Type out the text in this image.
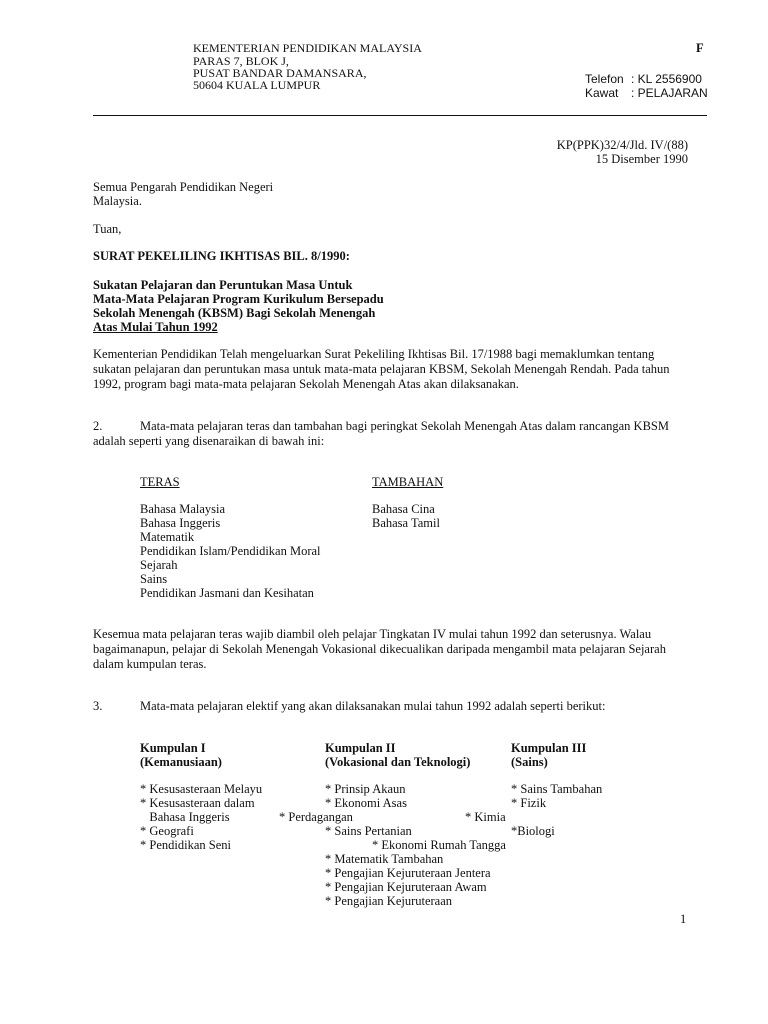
KEMENTERIAN PENDIDIKAN MALAYSIA
PARAS 7, BLOK J,
PUSAT BANDAR DAMANSARA,
50604 KUALA LUMPUR
F
Telefon : KL 2556900
Kawat : PELAJARAN
KP(PPK)32/4/Jld. IV/(88)
15 Disember 1990
Semua Pengarah Pendidikan Negeri
Malaysia.
Tuan,
SURAT PEKELILING IKHTISAS BIL. 8/1990:
Sukatan Pelajaran dan Peruntukan Masa Untuk
Mata-Mata Pelajaran Program Kurikulum Bersepadu
Sekolah Menengah (KBSM) Bagi Sekolah Menengah
Atas Mulai Tahun 1992
Kementerian Pendidikan Telah mengeluarkan Surat Pekeliling Ikhtisas Bil. 17/1988 bagi memaklumkan tentang sukatan pelajaran dan peruntukan masa untuk mata-mata pelajaran KBSM, Sekolah Menengah Rendah. Pada tahun 1992, program bagi mata-mata pelajaran Sekolah Menengah Atas akan dilaksanakan.
2.	Mata-mata pelajaran teras dan tambahan bagi peringkat Sekolah Menengah Atas dalam rancangan KBSM adalah seperti yang disenaraikan di bawah ini:
TERAS
Bahasa Malaysia
Bahasa Inggeris
Matematik
Pendidikan Islam/Pendidikan Moral
Sejarah
Sains
Pendidikan Jasmani dan Kesihatan
TAMBAHAN
Bahasa Cina
Bahasa Tamil
Kesemua mata pelajaran teras wajib diambil oleh pelajar Tingkatan IV mulai tahun 1992 dan seterusnya. Walau bagaimanapun, pelajar di Sekolah Menengah Vokasional dikecualikan daripada mengambil mata pelajaran Sejarah dalam kumpulan teras.
3.	Mata-mata pelajaran elektif yang akan dilaksanakan mulai tahun 1992 adalah seperti berikut:
Kumpulan I
(Kemanusiaan)
* Kesusasteraan Melayu
* Kesusasteraan dalam
Bahasa Inggeris
* Geografi
* Pendidikan Seni
Kumpulan II
(Vokasional dan Teknologi)
* Prinsip Akaun
* Ekonomi Asas
* Perdagangan
* Sains Pertanian
* Ekonomi Rumah Tangga
* Matematik Tambahan
* Pengajian Kejuruteraan Jentera
* Pengajian Kejuruteraan Awam
* Pengajian Kejuruteraan
Kumpulan III
(Sains)
* Sains Tambahan
* Fizik
* Kimia
*Biologi
1
